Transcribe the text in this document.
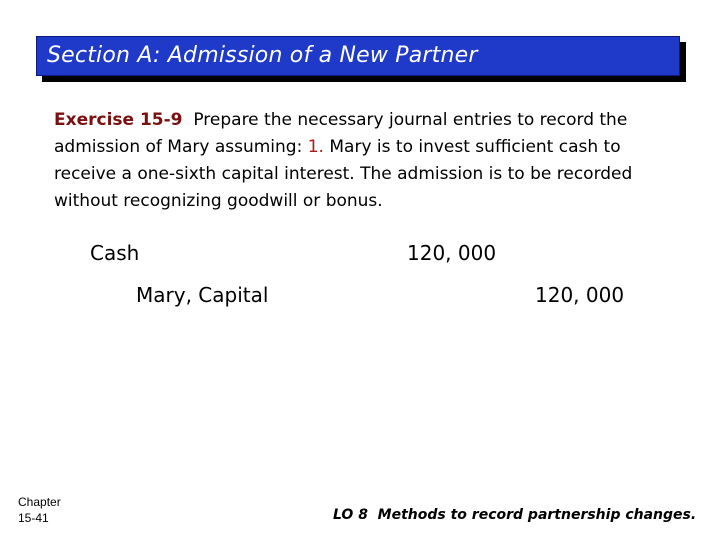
Section A: Admission of a New Partner
Exercise 15-9 Prepare the necessary journal entries to record the admission of Mary assuming: 1. Mary is to invest sufficient cash to receive a one-sixth capital interest. The admission is to be recorded without recognizing goodwill or bonus.
Cash	120, 000
Mary, Capital	120, 000
Chapter
15-41	LO 8  Methods to record partnership changes.
